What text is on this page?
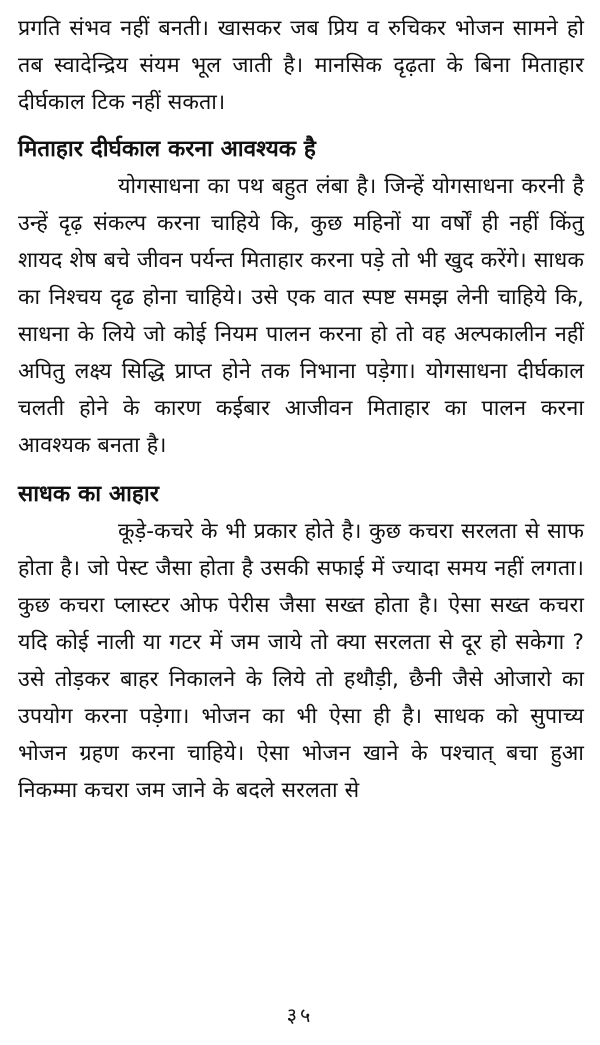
प्रगति संभव नहीं बनती। खासकर जब प्रिय व रुचिकर भोजन सामने हो तब स्वादेन्द्रिय संयम भूल जाती है। मानसिक दृढ़ता के बिना मिताहार दीर्घकाल टिक नहीं सकता।

मिताहार दीर्घकाल करना आवश्यक है

योगसाधना का पथ बहुत लंबा है। जिन्हें योगसाधना करनी है उन्हें दृढ़ संकल्प करना चाहिये कि, कुछ महिनों या वर्षों ही नहीं किंतु शायद शेष बचे जीवन पर्यन्त मिताहार करना पड़े तो भी खुद करेंगे। साधक का निश्चय दृढ होना चाहिये। उसे एक वात स्पष्ट समझ लेनी चाहिये कि, साधना के लिये जो कोई नियम पालन करना हो तो वह अल्पकालीन नहीं अपितु लक्ष्य सिद्धि प्राप्त होने तक निभाना पड़ेगा। योगसाधना दीर्घकाल चलती होने के कारण कईबार आजीवन मिताहार का पालन करना आवश्यक बनता है।

साधक का आहार

कूड़े-कचरे के भी प्रकार होते है। कुछ कचरा सरलता से साफ होता है। जो पेस्ट जैसा होता है उसकी सफाई में ज्यादा समय नहीं लगता। कुछ कचरा प्लास्टर ओफ पेरीस जैसा सख्त होता है। ऐसा सख्त कचरा यदि कोई नाली या गटर में जम जाये तो क्या सरलता से दूर हो सकेगा ? उसे तोड़कर बाहर निकालने के लिये तो हथौड़ी, छैनी जैसे ओजारो का उपयोग करना पड़ेगा। भोजन का भी ऐसा ही है। साधक को सुपाच्य भोजन ग्रहण करना चाहिये। ऐसा भोजन खाने के पश्चात् बचा हुआ निकम्मा कचरा जम जाने के बदले सरलता से

३५
